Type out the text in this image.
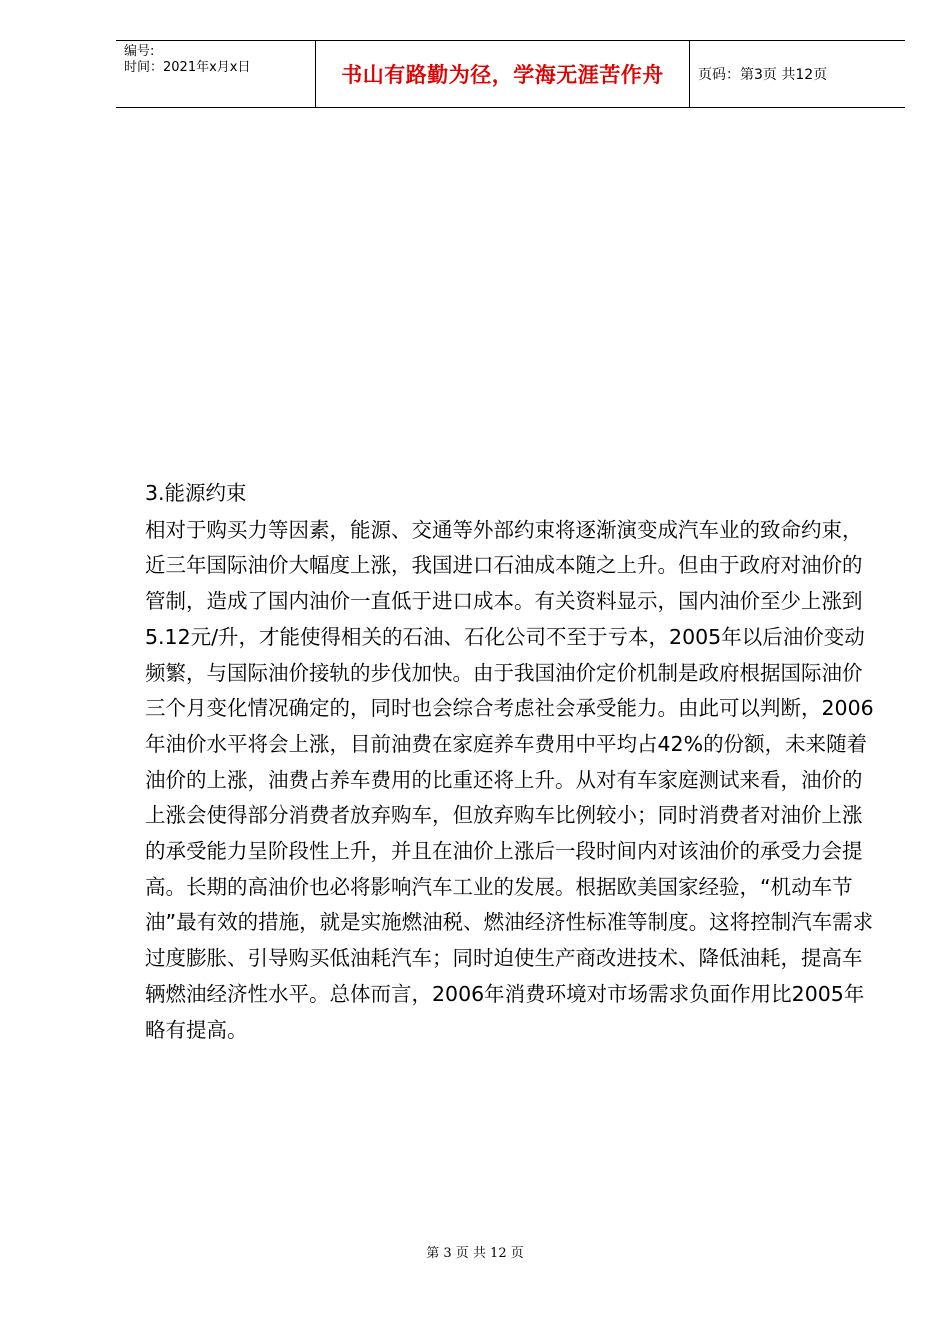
编号:
时间：2021年x月x日	书山有路勤为径，学海无涯苦作舟	页码：第3页 共12页

3.能源约束

相对于购买力等因素，能源、交通等外部约束将逐渐演变成汽车业的致命约束，近三年国际油价大幅度上涨，我国进口石油成本随之上升。但由于政府对油价的管制，造成了国内油价一直低于进口成本。有关资料显示，国内油价至少上涨到5.12元/升，才能使得相关的石油、石化公司不至于亏本，2005年以后油价变动频繁，与国际油价接轨的步伐加快。由于我国油价定价机制是政府根据国际油价三个月变化情况确定的，同时也会综合考虑社会承受能力。由此可以判断，2006年油价水平将会上涨，目前油费在家庭养车费用中平均占42%的份额，未来随着油价的上涨，油费占养车费用的比重还将上升。从对有车家庭测试来看，油价的上涨会使得部分消费者放弃购车，但放弃购车比例较小；同时消费者对油价上涨的承受能力呈阶段性上升，并且在油价上涨后一段时间内对该油价的承受力会提高。长期的高油价也必将影响汽车工业的发展。根据欧美国家经验，“机动车节油”最有效的措施，就是实施燃油税、燃油经济性标准等制度。这将控制汽车需求过度膨胀、引导购买低油耗汽车；同时迫使生产商改进技术、降低油耗，提高车辆燃油经济性水平。总体而言，2006年消费环境对市场需求负面作用比2005年略有提高。

第 3 页 共 12 页
